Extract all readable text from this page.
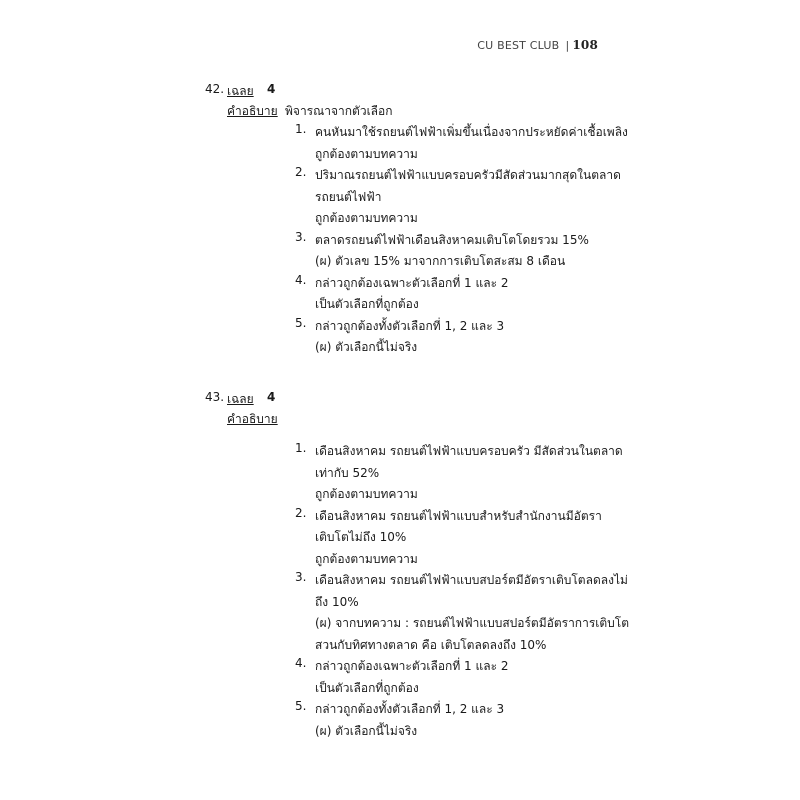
CU BEST CLUB | 108
42. เฉลย 4
คำอธิบาย พิจารณาจากตัวเลือก
1. คนหันมาใช้รถยนต์ไฟฟ้าเพิ่มขึ้นเนื่องจากประหยัดค่าเชื้อเพลิง
ถูกต้องตามบทความ
2. ปริมาณรถยนต์ไฟฟ้าแบบครอบครัวมีสัดส่วนมากสุดในตลาด
รถยนต์ไฟฟ้า
ถูกต้องตามบทความ
3. ตลาดรถยนต์ไฟฟ้าเดือนสิงหาคมเติบโตโดยรวม 15%
(ผ) ตัวเลข 15% มาจากการเติบโตสะสม 8 เดือน
4. กล่าวถูกต้องเฉพาะตัวเลือกที่ 1 และ 2
เป็นตัวเลือกที่ถูกต้อง
5. กล่าวถูกต้องทั้งตัวเลือกที่ 1, 2 และ 3
(ผ) ตัวเลือกนี้ไม่จริง
43. เฉลย 4
คำอธิบาย
1. เดือนสิงหาคม รถยนต์ไฟฟ้าแบบครอบครัว มีสัดส่วนในตลาด
เท่ากับ 52%
ถูกต้องตามบทความ
2. เดือนสิงหาคม รถยนต์ไฟฟ้าแบบสำหรับสำนักงานมีอัตรา
เติบโตไม่ถึง 10%
ถูกต้องตามบทความ
3. เดือนสิงหาคม รถยนต์ไฟฟ้าแบบสปอร์ตมีอัตราเติบโตลดลงไม่
ถึง 10%
(ผ) จากบทความ : รถยนต์ไฟฟ้าแบบสปอร์ตมีอัตราการเติบโต
สวนกับทิศทางตลาด คือ เติบโตลดลงถึง 10%
4. กล่าวถูกต้องเฉพาะตัวเลือกที่ 1 และ 2
เป็นตัวเลือกที่ถูกต้อง
5. กล่าวถูกต้องทั้งตัวเลือกที่ 1, 2 และ 3
(ผ) ตัวเลือกนี้ไม่จริง
